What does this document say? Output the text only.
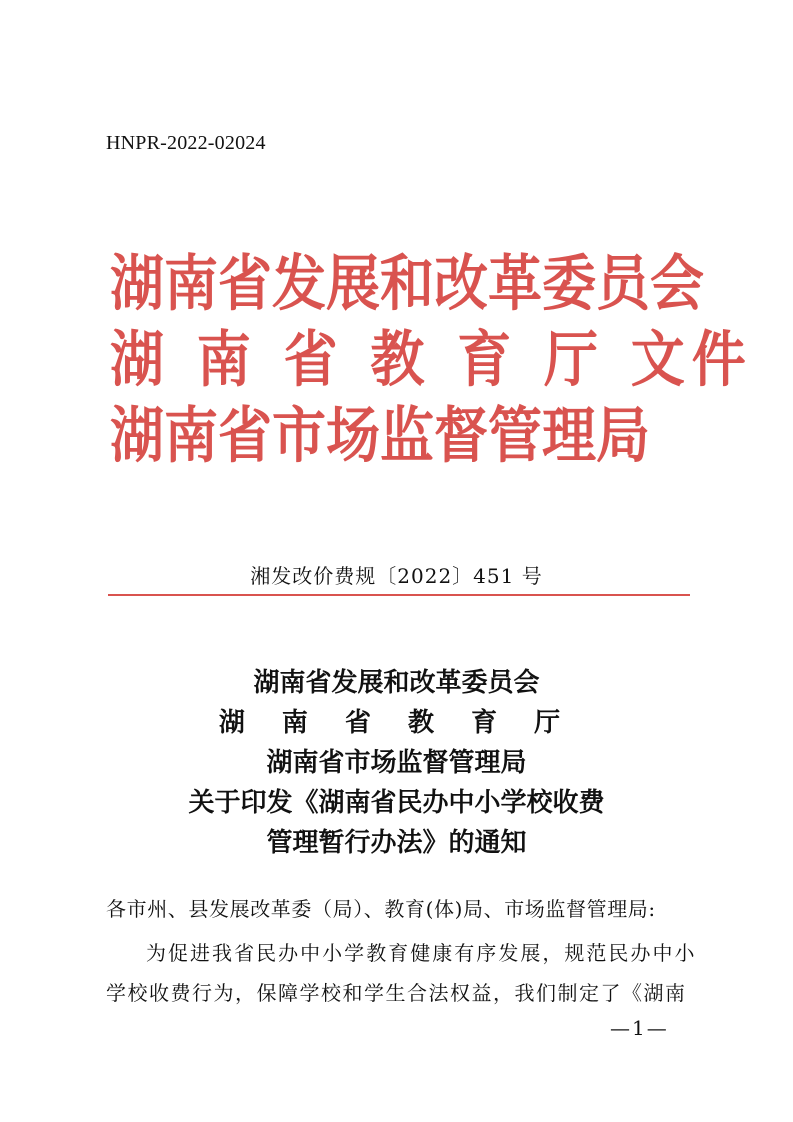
HNPR-2022-02024
湖南省发展和改革委员会
湖 南 省 教 育 厅 文件
湖南省市场监督管理局
湘发改价费规〔2022〕451 号
湖南省发展和改革委员会
湖 南 省 教 育 厅
湖南省市场监督管理局
关于印发《湖南省民办中小学校收费
管理暂行办法》的通知
各市州、县发展改革委（局）、教育(体)局、市场监督管理局:
为促进我省民办中小学教育健康有序发展，规范民办中小学校收费行为，保障学校和学生合法权益，我们制定了《湖南
—1—
